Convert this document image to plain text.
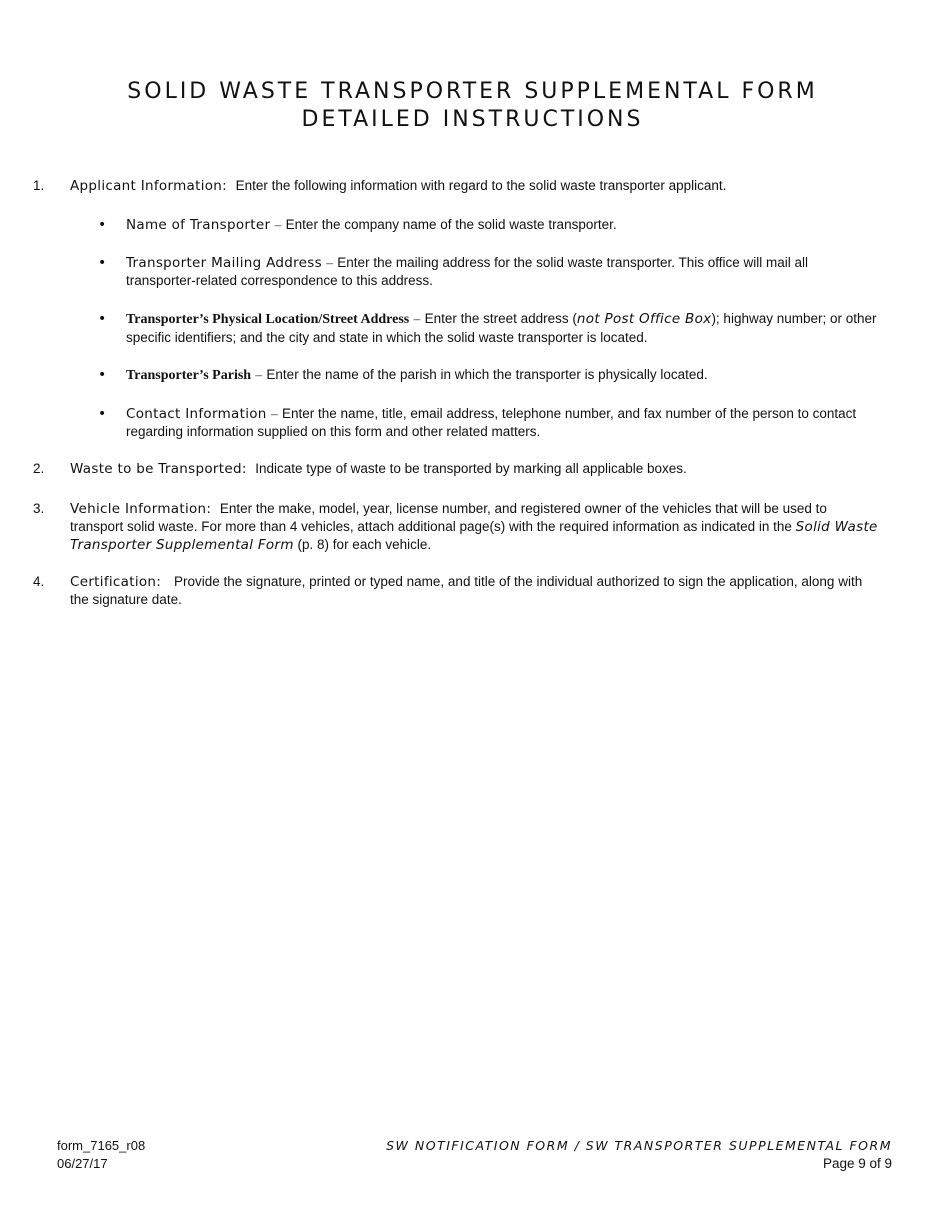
SOLID WASTE TRANSPORTER SUPPLEMENTAL FORM
DETAILED INSTRUCTIONS
1. Applicant Information: Enter the following information with regard to the solid waste transporter applicant.
• Name of Transporter – Enter the company name of the solid waste transporter.
• Transporter Mailing Address – Enter the mailing address for the solid waste transporter. This office will mail all transporter-related correspondence to this address.
• Transporter’s Physical Location/Street Address – Enter the street address (not Post Office Box); highway number; or other specific identifiers; and the city and state in which the solid waste transporter is located.
• Transporter’s Parish – Enter the name of the parish in which the transporter is physically located.
• Contact Information – Enter the name, title, email address, telephone number, and fax number of the person to contact regarding information supplied on this form and other related matters.
2. Waste to be Transported: Indicate type of waste to be transported by marking all applicable boxes.
3. Vehicle Information: Enter the make, model, year, license number, and registered owner of the vehicles that will be used to transport solid waste. For more than 4 vehicles, attach additional page(s) with the required information as indicated in the Solid Waste Transporter Supplemental Form (p. 8) for each vehicle.
4. Certification: Provide the signature, printed or typed name, and title of the individual authorized to sign the application, along with the signature date.
form_7165_r08
06/27/17
SW NOTIFICATION FORM / SW TRANSPORTER SUPPLEMENTAL FORM
Page 9 of 9
